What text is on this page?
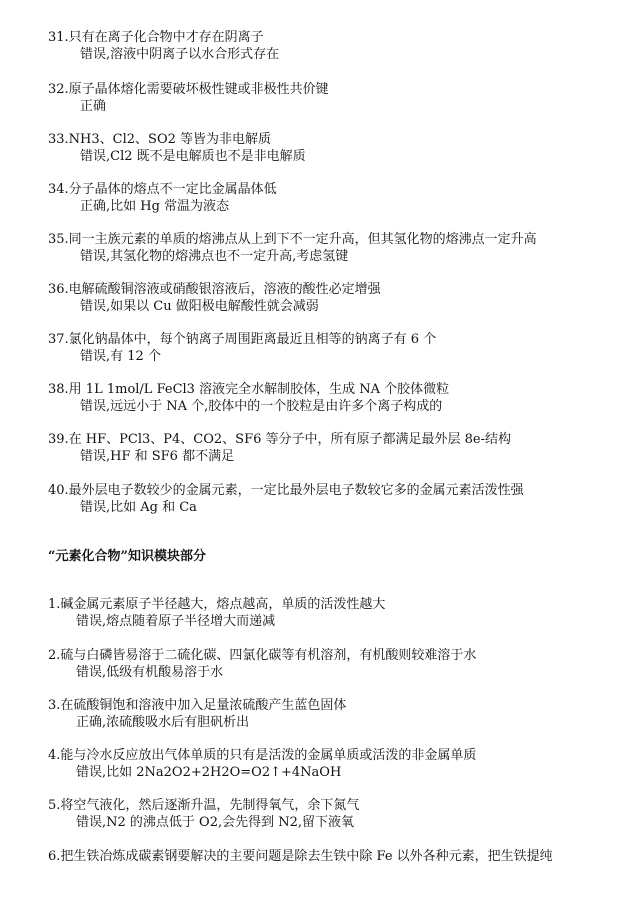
31.只有在离子化合物中才存在阴离子
错误,溶液中阴离子以水合形式存在
32.原子晶体熔化需要破坏极性键或非极性共价键
正确
33.NH3、Cl2、SO2 等皆为非电解质
错误,Cl2 既不是电解质也不是非电解质
34.分子晶体的熔点不一定比金属晶体低
正确,比如 Hg 常温为液态
35.同一主族元素的单质的熔沸点从上到下不一定升高，但其氢化物的熔沸点一定升高
错误,其氢化物的熔沸点也不一定升高,考虑氢键
36.电解硫酸铜溶液或硝酸银溶液后，溶液的酸性必定增强
错误,如果以 Cu 做阳极电解酸性就会减弱
37.氯化钠晶体中，每个钠离子周围距离最近且相等的钠离子有 6 个
错误,有 12 个
38.用 1L 1mol/L FeCl3 溶液完全水解制胶体，生成 NA 个胶体微粒
错误,远远小于 NA 个,胶体中的一个胶粒是由许多个离子构成的
39.在 HF、PCl3、P4、CO2、SF6 等分子中，所有原子都满足最外层 8e-结构
错误,HF 和 SF6 都不满足
40.最外层电子数较少的金属元素，一定比最外层电子数较它多的金属元素活泼性强
错误,比如 Ag 和 Ca
“元素化合物”知识模块部分
1.碱金属元素原子半径越大，熔点越高，单质的活泼性越大
错误,熔点随着原子半径增大而递减
2.硫与白磷皆易溶于二硫化碳、四氯化碳等有机溶剂，有机酸则较难溶于水
错误,低级有机酸易溶于水
3.在硫酸铜饱和溶液中加入足量浓硫酸产生蓝色固体
正确,浓硫酸吸水后有胆矾析出
4.能与冷水反应放出气体单质的只有是活泼的金属单质或活泼的非金属单质
错误,比如 2Na2O2+2H2O=O2↑+4NaOH
5.将空气液化，然后逐渐升温，先制得氧气，余下氮气
错误,N2 的沸点低于 O2,会先得到 N2,留下液氧
6.把生铁冶炼成碳素钢要解决的主要问题是除去生铁中除 Fe 以外各种元素，把生铁提纯
